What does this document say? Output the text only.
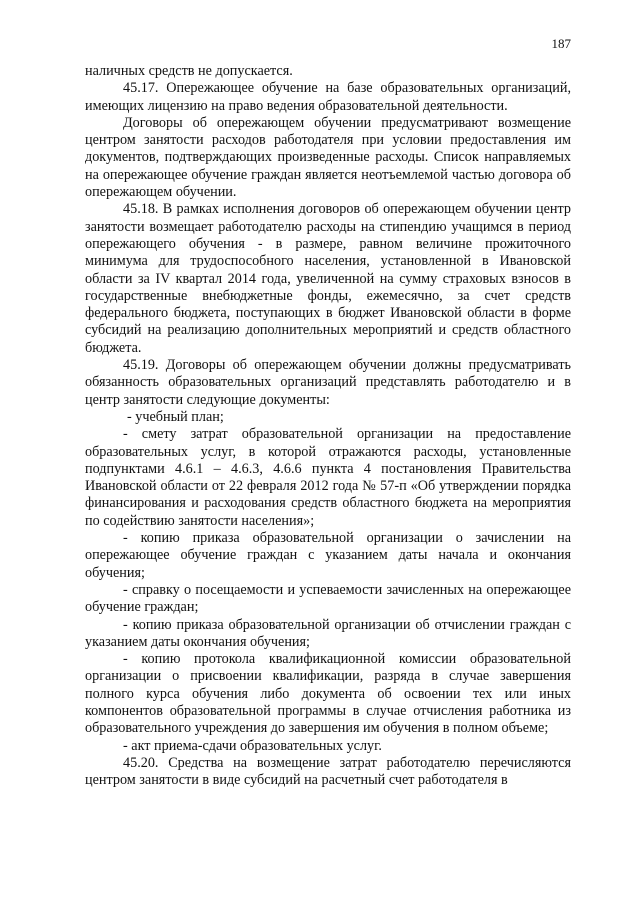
187

наличных средств не допускается.

45.17. Опережающее обучение на базе образовательных организаций, имеющих лицензию на право ведения образовательной деятельности.

Договоры об опережающем обучении предусматривают возмещение центром занятости расходов работодателя при условии предоставления им документов, подтверждающих произведенные расходы. Список направляемых на опережающее обучение граждан является неотъемлемой частью договора об опережающем обучении.

45.18. В рамках исполнения договоров об опережающем обучении центр занятости возмещает работодателю расходы на стипендию учащимся в период опережающего обучения - в размере, равном величине прожиточного минимума для трудоспособного населения, установленной в Ивановской области за IV квартал 2014 года, увеличенной на сумму страховых взносов в государственные внебюджетные фонды, ежемесячно, за счет средств федерального бюджета, поступающих в бюджет Ивановской области в форме субсидий на реализацию дополнительных мероприятий и средств областного бюджета.

45.19. Договоры об опережающем обучении должны предусматривать обязанность образовательных организаций представлять работодателю и в центр занятости следующие документы:

- учебный план;

- смету затрат образовательной организации на предоставление образовательных услуг, в которой отражаются расходы, установленные подпунктами 4.6.1 – 4.6.3, 4.6.6 пункта 4 постановления Правительства Ивановской области от 22 февраля 2012 года № 57-п «Об утверждении порядка финансирования и расходования средств областного бюджета на мероприятия по содействию занятости населения»;

- копию приказа образовательной организации о зачислении на опережающее обучение граждан с указанием даты начала и окончания обучения;

- справку о посещаемости и успеваемости зачисленных на опережающее обучение граждан;

- копию приказа образовательной организации об отчислении граждан с указанием даты окончания обучения;

- копию протокола квалификационной комиссии образовательной организации о присвоении квалификации, разряда в случае завершения полного курса обучения либо документа об освоении тех или иных компонентов образовательной программы в случае отчисления работника из образовательного учреждения до завершения им обучения в полном объеме;

- акт приема-сдачи образовательных услуг.

45.20. Средства на возмещение затрат работодателю перечисляются центром занятости в виде субсидий на расчетный счет работодателя в
